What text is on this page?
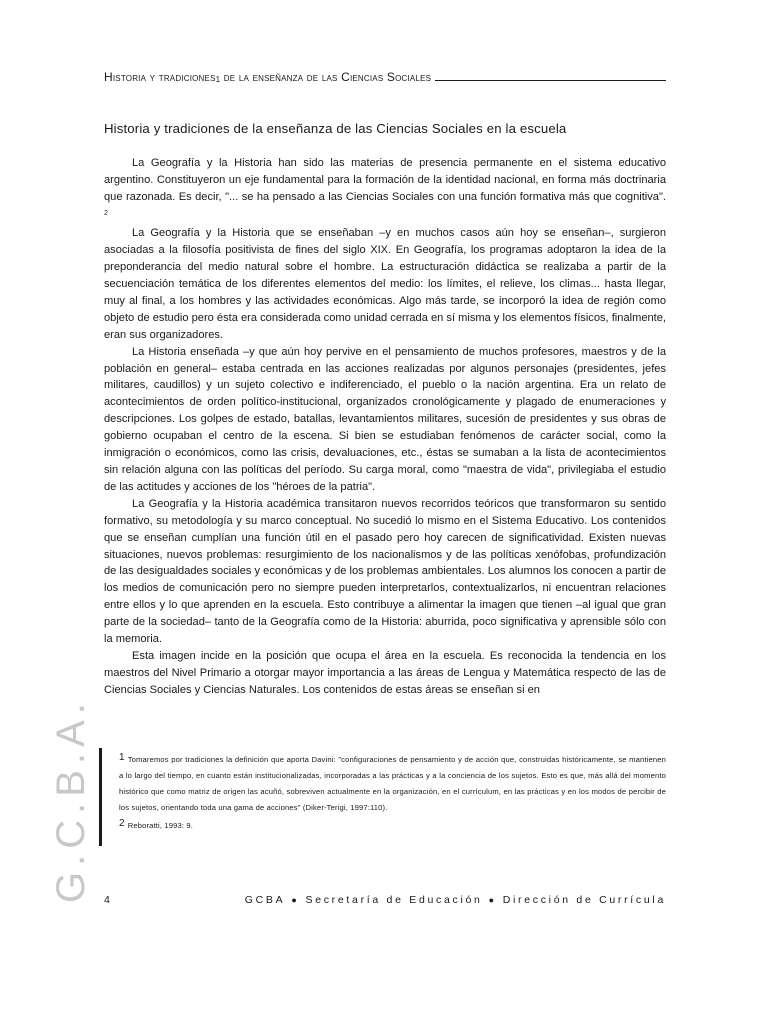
Historia y tradiciones$_1$ de la enseñanza de las Ciencias Sociales
Historia y tradiciones de la enseñanza de las Ciencias Sociales en la escuela

La Geografía y la Historia han sido las materias de presencia permanente en el sistema educativo argentino. Constituyeron un eje fundamental para la formación de la identidad nacional, en forma más doctrinaria que razonada. Es decir, "... se ha pensado a las Ciencias Sociales con una función formativa más que cognitiva". $^2$

La Geografía y la Historia que se enseñaban –y en muchos casos aún hoy se enseñan–, surgieron asociadas a la filosofía positivista de fines del siglo XIX. En Geografía, los programas adoptaron la idea de la preponderancia del medio natural sobre el hombre. La estructuración didáctica se realizaba a partir de la secuenciación temática de los diferentes elementos del medio: los límites, el relieve, los climas... hasta llegar, muy al final, a los hombres y las actividades económicas. Algo más tarde, se incorporó la idea de región como objeto de estudio pero ésta era considerada como unidad cerrada en sí misma y los elementos físicos, finalmente, eran sus organizadores.

La Historia enseñada –y que aún hoy pervive en el pensamiento de muchos profesores, maestros y de la población en general– estaba centrada en las acciones realizadas por algunos personajes (presidentes, jefes militares, caudillos) y un sujeto colectivo e indiferenciado, el pueblo o la nación argentina. Era un relato de acontecimientos de orden político-institucional, organizados cronológicamente y plagado de enumeraciones y descripciones. Los golpes de estado, batallas, levantamientos militares, sucesión de presidentes y sus obras de gobierno ocupaban el centro de la escena. Si bien se estudiaban fenómenos de carácter social, como la inmigración o económicos, como las crisis, devaluaciones, etc., éstas se sumaban a la lista de acontecimientos sin relación alguna con las políticas del período. Su carga moral, como "maestra de vida", privilegiaba el estudio de las actitudes y acciones de los "héroes de la patria".

La Geografía y la Historia académica transitaron nuevos recorridos teóricos que transformaron su sentido formativo, su metodología y su marco conceptual. No sucedió lo mismo en el Sistema Educativo. Los contenidos que se enseñan cumplían una función útil en el pasado pero hoy carecen de significatividad. Existen nuevas situaciones, nuevos problemas: resurgimiento de los nacionalismos y de las políticas xenófobas, profundización de las desigualdades sociales y económicas y de los problemas ambientales. Los alumnos los conocen a partir de los medios de comunicación pero no siempre pueden interpretarlos, contextualizarlos, ni encuentran relaciones entre ellos y lo que aprenden en la escuela. Esto contribuye a alimentar la imagen que tienen –al igual que gran parte de la sociedad– tanto de la Geografía como de la Historia: aburrida, poco significativa y aprensible sólo con la memoria.

Esta imagen incide en la posición que ocupa el área en la escuela. Es reconocida la tendencia en los maestros del Nivel Primario a otorgar mayor importancia a las áreas de Lengua y Matemática respecto de las de Ciencias Sociales y Ciencias Naturales. Los contenidos de estas áreas se enseñan si en

G.C.B.A.	1 Tomaremos por tradiciones la definición que aporta Davini: "configuraciones de pensamiento y de acción que, construidas históricamente, se mantienen a lo largo del tiempo, en cuanto están institucionalizadas, incorporadas a las prácticas y a la conciencia de los sujetos. Esto es que, más allá del momento histórico que como matriz de origen las acuñó, sobreviven actualmente en la organización, en el currículum, en las prácticas y en los modos de percibir de los sujetos, orientando toda una gama de acciones" (Diker-Terigi, 1997:110).

2 Reboratti, 1993: 9.

4	GCBA ● Secretaría de Educación ● Dirección de Currícula
